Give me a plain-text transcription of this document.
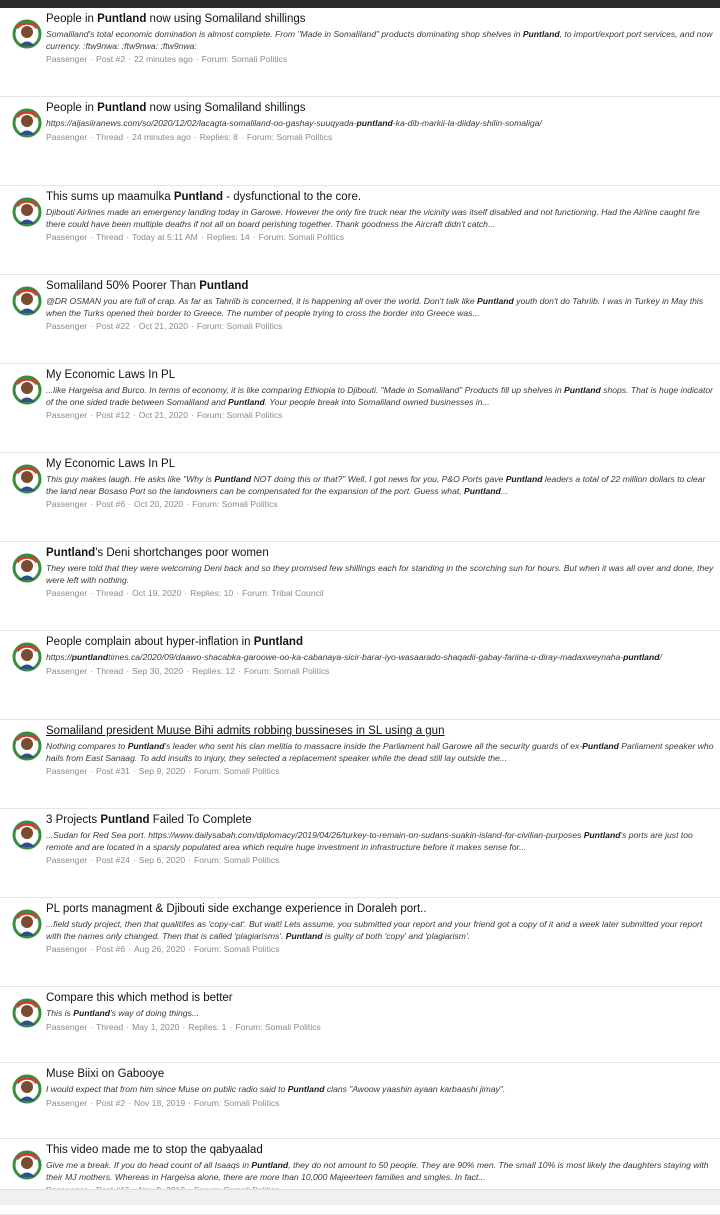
People in Puntland now using Somaliland shillings
Somaliland's total economic domination is almost complete. From "Made in Somaliland" products dominating shop shelves in Puntland, to import/export port services, and now currency. :ftw9nwa: :ftw9nwa: :ftw9nwa:
Passenger · Post #2 · 22 minutes ago · Forum: Somali Politics
People in Puntland now using Somaliland shillings
https://aljasiiranews.com/so/2020/12/02/lacagta-somaliland-oo-gashay-suuqyada-puntland-ka-dib-markii-la-diiday-shilin-somaliga/
Passenger · Thread · 24 minutes ago · Replies: 8 · Forum: Somali Politics
This sums up maamulka Puntland - dysfunctional to the core.
Djibouti Airlines made an emergency landing today in Garowe. However the only fire truck near the vicinity was itself disabled and not functioning. Had the Airline caught fire there could have been multiple deaths if not all on board perishing together. Thank goodness the Aircraft didn't catch...
Passenger · Thread · Today at 5:11 AM · Replies: 14 · Forum: Somali Politics
Somaliland 50% Poorer Than Puntland
@DR OSMAN you are full of crap. As far as Tahriib is concerned, it is happening all over the world. Don't talk like Puntland youth don't do Tahriib. I was in Turkey in May this when the Turks opened their border to Greece. The number of people trying to cross the border into Greece was...
Passenger · Post #22 · Oct 21, 2020 · Forum: Somali Politics
My Economic Laws In PL
...like Hargeisa and Burco. In terms of economy, it is like comparing Ethiopia to Djibouti. "Made in Somaliland" Products fill up shelves in Puntland shops. That is huge indicator of the one sided trade between Somaliland and Puntland. Your people break into Somaliland owned businesses in...
Passenger · Post #12 · Oct 21, 2020 · Forum: Somali Politics
My Economic Laws In PL
This guy makes laugh. He asks like "Why is Puntland NOT doing this or that?" Well, I got news for you, P&O Ports gave Puntland leaders a total of 22 million dollars to clear the land near Bosaso Port so the landowners can be compensated for the expansion of the port. Guess what, Puntland...
Passenger · Post #6 · Oct 20, 2020 · Forum: Somali Politics
Puntland's Deni shortchanges poor women
They were told that they were welcoming Deni back and so they promised few shillings each for standing in the scorching sun for hours. But when it was all over and done, they were left with nothing.
Passenger · Thread · Oct 19, 2020 · Replies: 10 · Forum: Tribal Council
People complain about hyper-inflation in Puntland
https://puntlandtimes.ca/2020/09/daawo-shacabka-garoowe-oo-ka-cabanaya-sicir-barar-iyo-wasaarado-shaqadii-gabay-fariina-u-diray-madaxweynaha-puntland/
Passenger · Thread · Sep 30, 2020 · Replies: 12 · Forum: Somali Politics
Somaliland president Muuse Bihi admits robbing bussineses in SL using a gun
Nothing compares to Puntland's leader who sent his clan melitia to massacre inside the Parliament hall Garowe all the security guards of ex-Puntland Parliament speaker who hails from East Sanaag. To add insults to injury, they selected a replacement speaker while the dead still lay outside the...
Passenger · Post #31 · Sep 9, 2020 · Forum: Somali Politics
3 Projects Puntland Failed To Complete
...Sudan for Red Sea port. https://www.dailysabah.com/diplomacy/2019/04/26/turkey-to-remain-on-sudans-suakin-island-for-civilian-purposes Puntland's ports are just too remote and are located in a sparsly populated area which require huge investment in infrastructure before it makes sense for...
Passenger · Post #24 · Sep 6, 2020 · Forum: Somali Politics
PL ports managment & Djibouti side exchange experience in Doraleh port..
...field study project, then that qualitifes as 'copy-cat'. But wait! Lets assume, you submitted your report and your friend got a copy of it and a week later submitted your report with the names only changed. Then that is called 'plagiarisms'. Puntland is guilty of both 'copy' and 'plagiarism'.
Passenger · Post #6 · Aug 26, 2020 · Forum: Somali Politics
Compare this which method is better
This is Puntland's way of doing things...
Passenger · Thread · May 1, 2020 · Replies: 1 · Forum: Somali Politics
Muse Biixi on Gabooye
I would expect that from him since Muse on public radio said to Puntland clans "Awoow yaashin ayaan karbaashi jimay".
Passenger · Post #2 · Nov 18, 2019 · Forum: Somali Politics
This video made me to stop the qabyaalad
Give me a break. If you do head count of all Isaaqs in Puntland, they do not amount to 50 people. They are 90% men. The small 10% is most likely the daughters staying with their MJ mothers. Whereas in Hargeisa alone, there are more than 10,000 Majeerteen families and singles. In fact...
